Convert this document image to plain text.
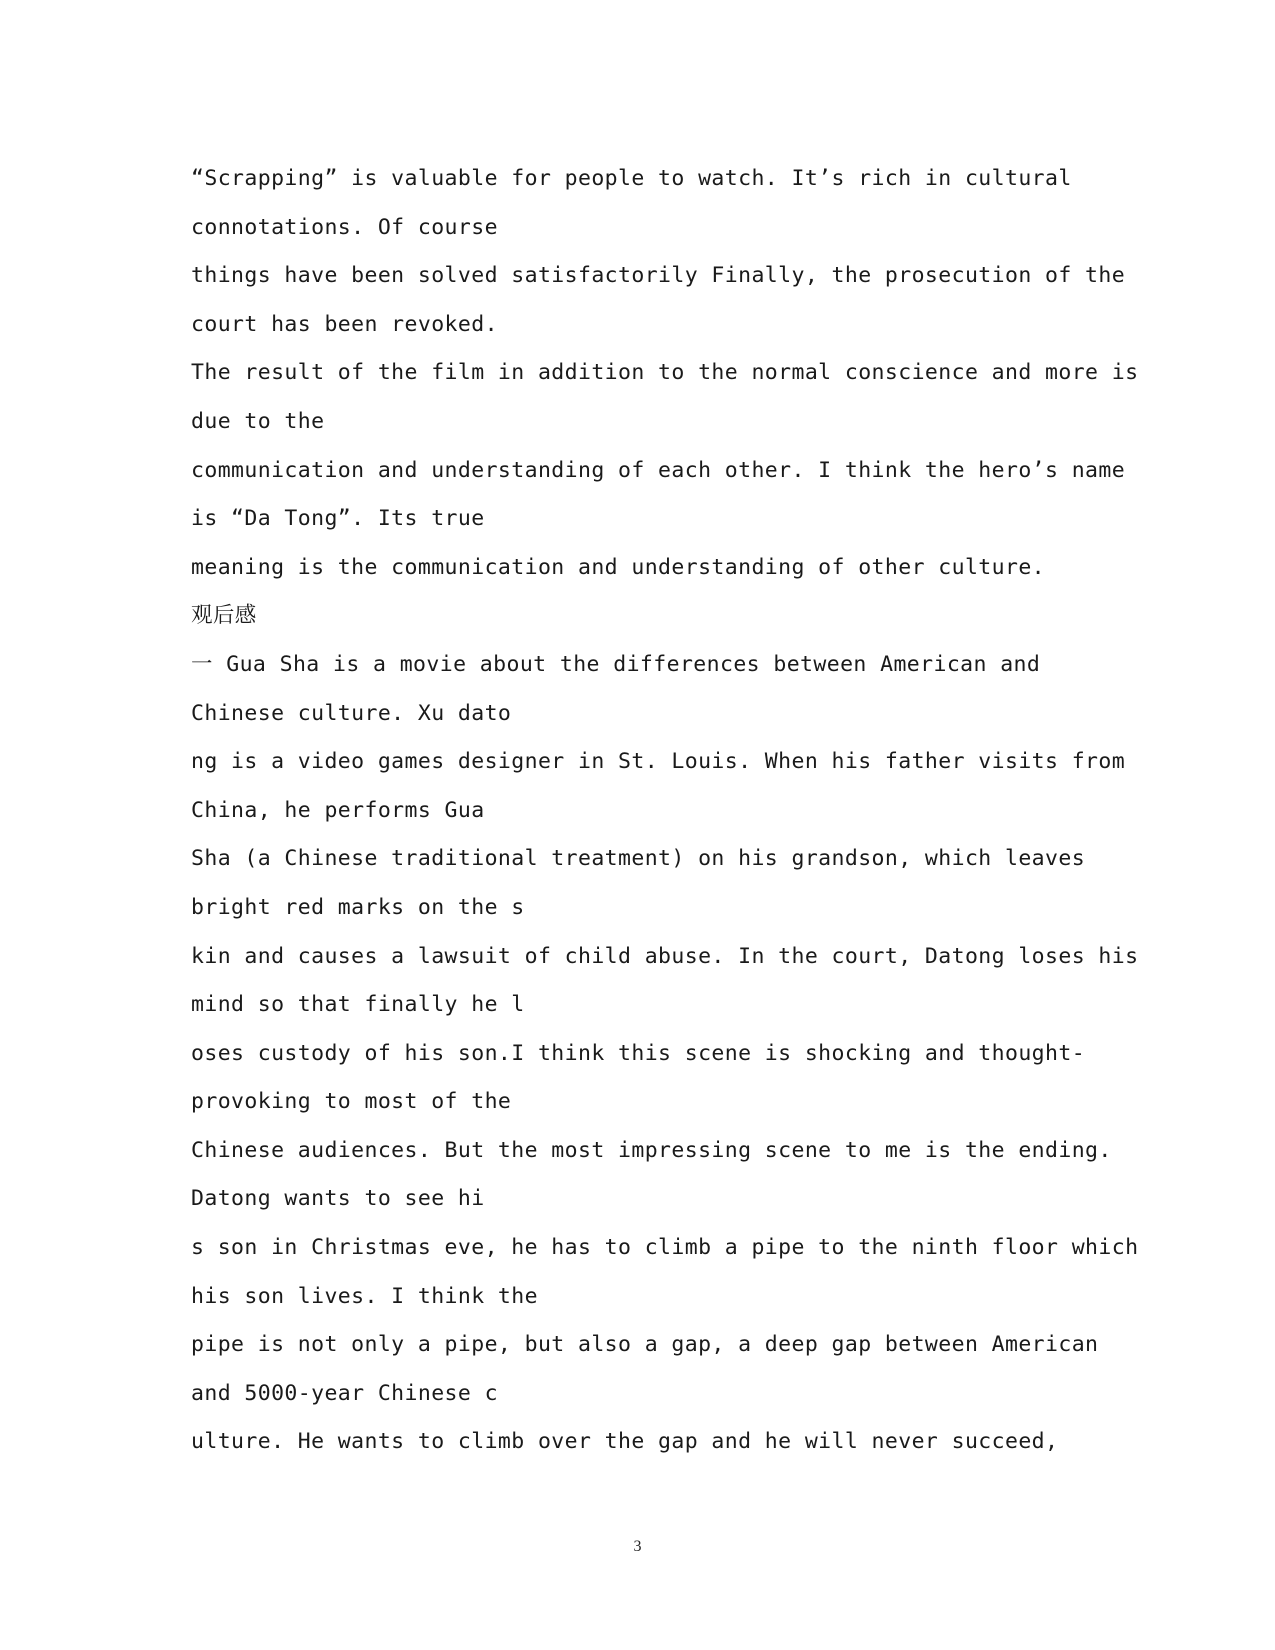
“Scrapping” is valuable for people to watch. It’s rich in cultural
connotations. Of course
things have been solved satisfactorily Finally, the prosecution of the
court has been revoked.
The result of the film in addition to the normal conscience and more is
due to the
communication and understanding of each other. I think the hero’s name
is “Da Tong”. Its true
meaning is the communication and understanding of other culture.
观后感
一 Gua Sha is a movie about the differences between American and
Chinese culture. Xu dato
ng is a video games designer in St. Louis. When his father visits from
China, he performs Gua
Sha (a Chinese traditional treatment) on his grandson, which leaves
bright red marks on the s
kin and causes a lawsuit of child abuse. In the court, Datong loses his
mind so that finally he l
oses custody of his son.I think this scene is shocking and thought-
provoking to most of the
Chinese audiences. But the most impressing scene to me is the ending.
Datong wants to see hi
s son in Christmas eve, he has to climb a pipe to the ninth floor which
his son lives. I think the
pipe is not only a pipe, but also a gap, a deep gap between American
and 5000-year Chinese c
ulture. He wants to climb over the gap and he will never succeed,
3
